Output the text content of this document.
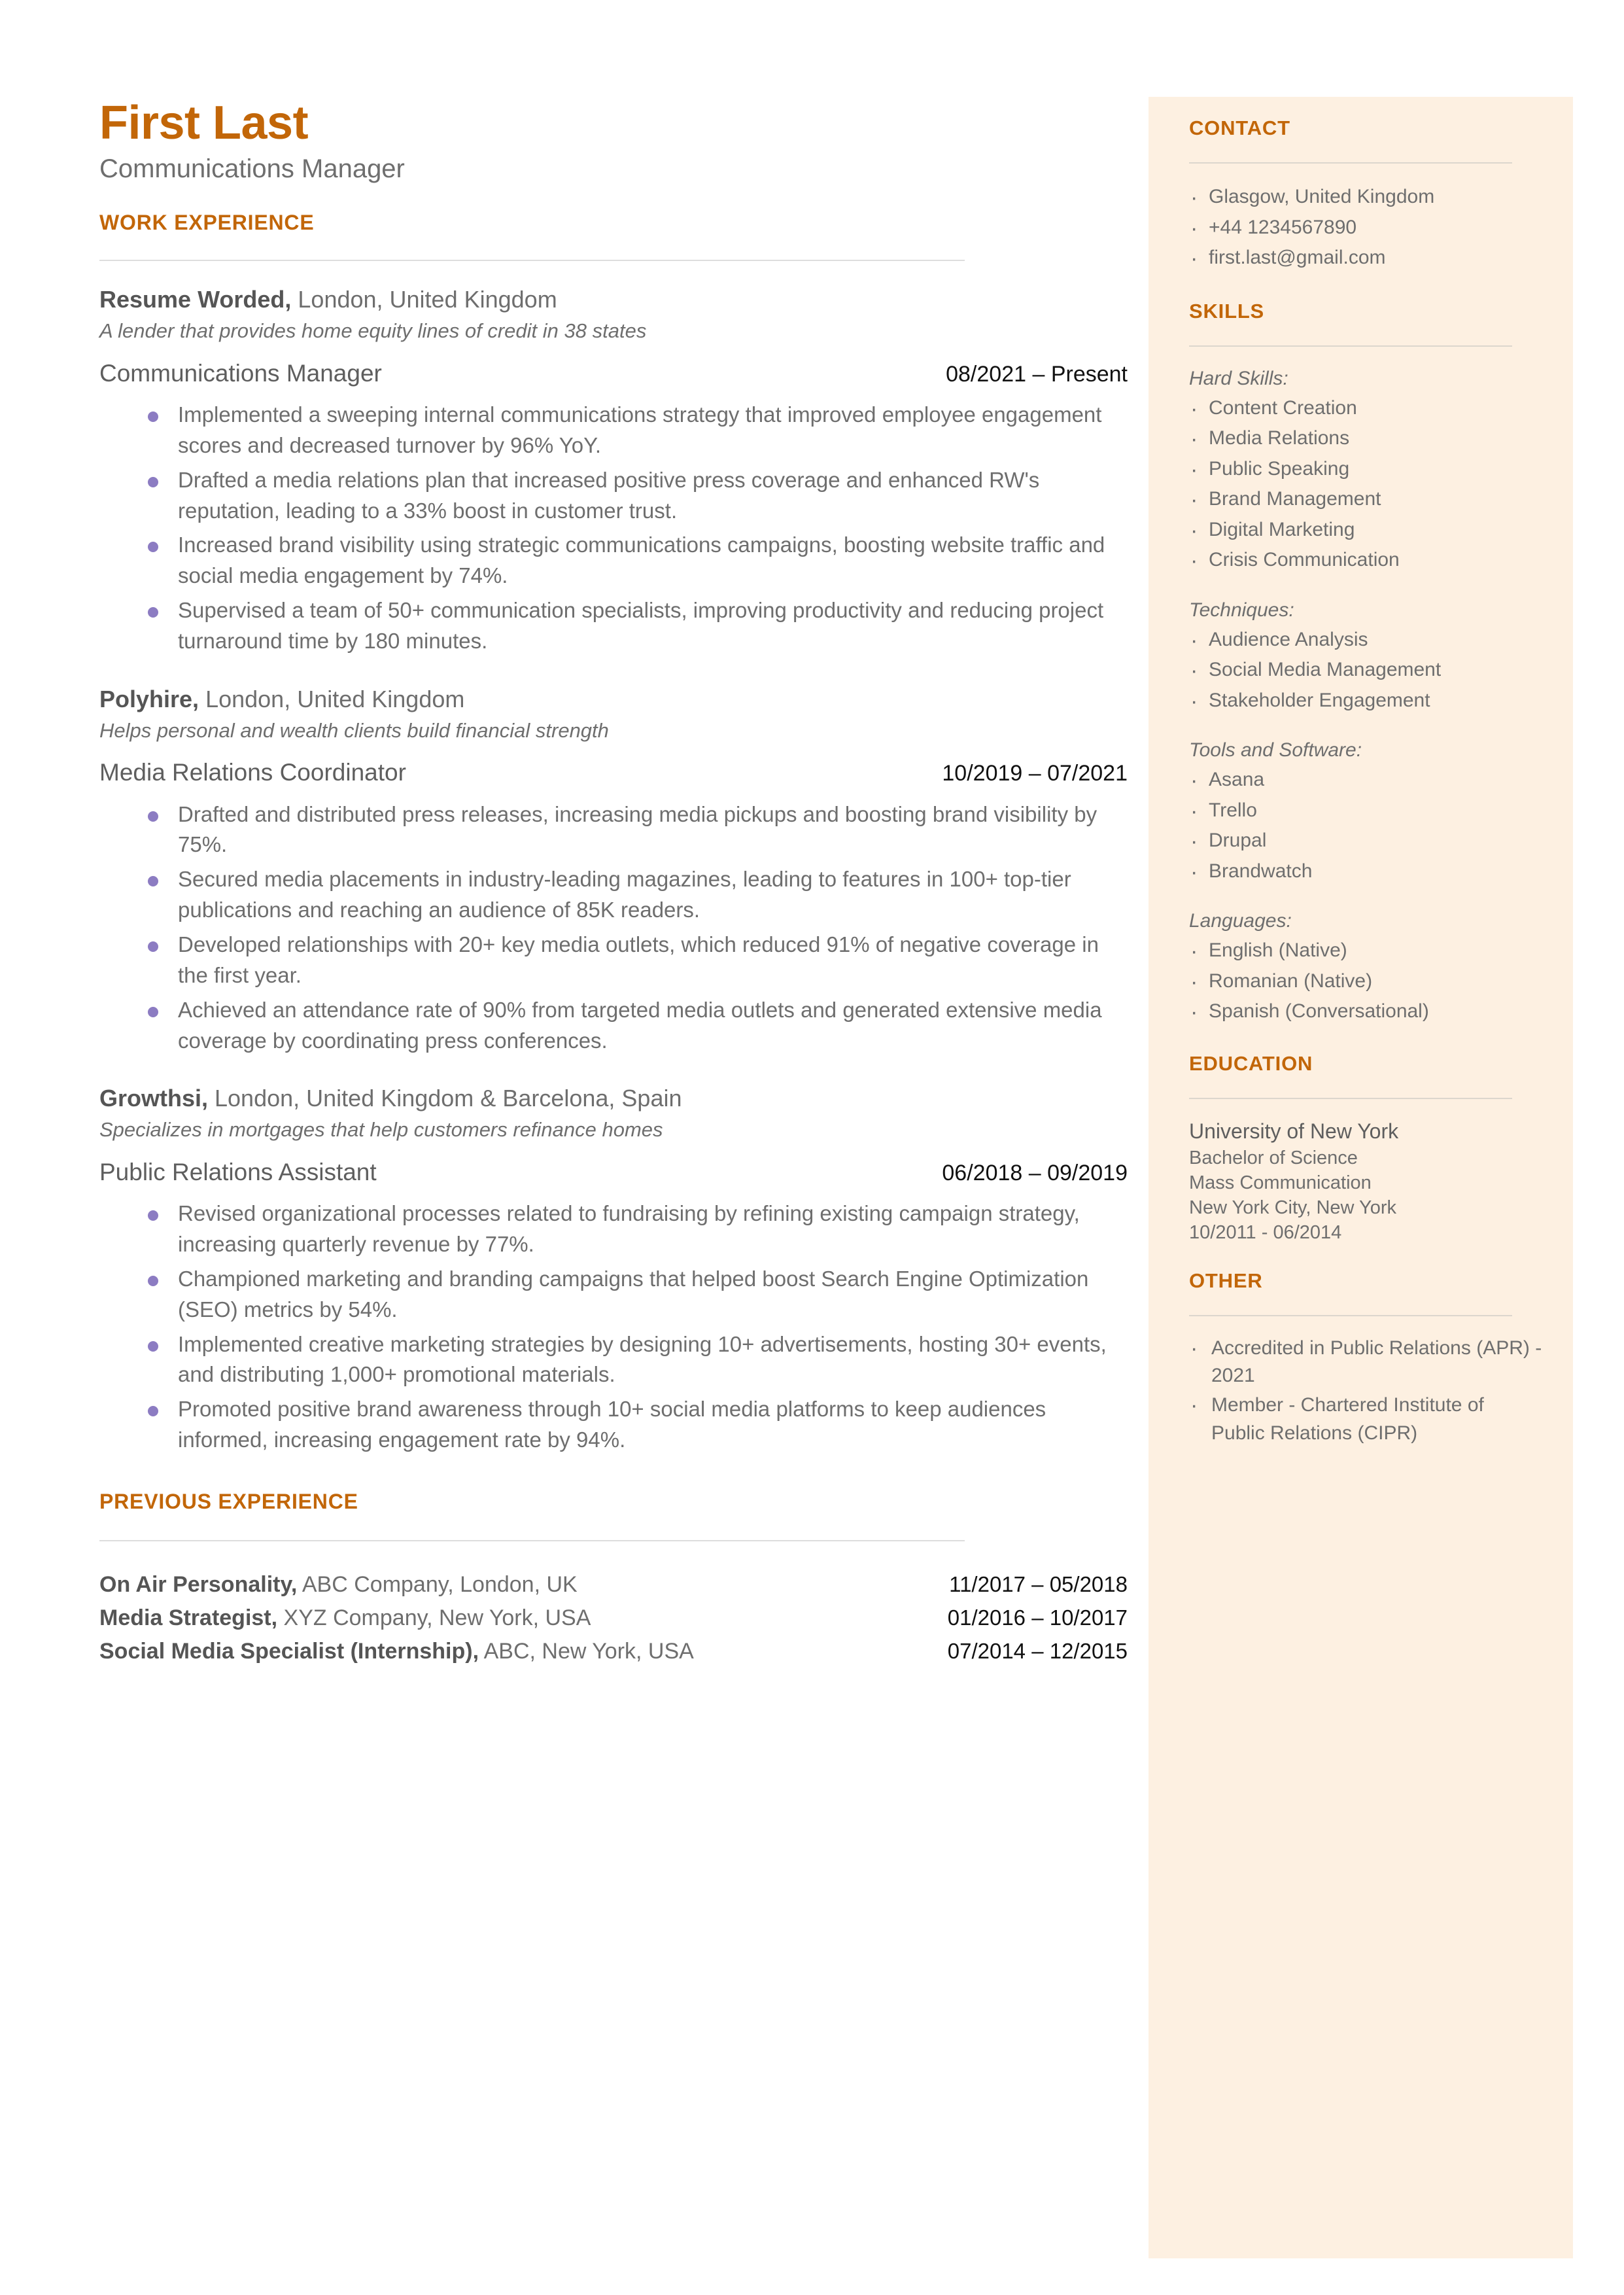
First Last
Communications Manager
WORK EXPERIENCE
Resume Worded, London, United Kingdom
A lender that provides home equity lines of credit in 38 states
Communications Manager	08/2021 – Present
Implemented a sweeping internal communications strategy that improved employee engagement scores and decreased turnover by 96% YoY.
Drafted a media relations plan that increased positive press coverage and enhanced RW's reputation, leading to a 33% boost in customer trust.
Increased brand visibility using strategic communications campaigns, boosting website traffic and social media engagement by 74%.
Supervised a team of 50+ communication specialists, improving productivity and reducing project turnaround time by 180 minutes.
Polyhire, London, United Kingdom
Helps personal and wealth clients build financial strength
Media Relations Coordinator	10/2019 – 07/2021
Drafted and distributed press releases, increasing media pickups and boosting brand visibility by 75%.
Secured media placements in industry-leading magazines, leading to features in 100+ top-tier publications and reaching an audience of 85K readers.
Developed relationships with 20+ key media outlets, which reduced 91% of negative coverage in the first year.
Achieved an attendance rate of 90% from targeted media outlets and generated extensive media coverage by coordinating press conferences.
Growthsi, London, United Kingdom & Barcelona, Spain
Specializes in mortgages that help customers refinance homes
Public Relations Assistant	06/2018 – 09/2019
Revised organizational processes related to fundraising by refining existing campaign strategy, increasing quarterly revenue by 77%.
Championed marketing and branding campaigns that helped boost Search Engine Optimization (SEO) metrics by 54%.
Implemented creative marketing strategies by designing 10+ advertisements, hosting 30+ events, and distributing 1,000+ promotional materials.
Promoted positive brand awareness through 10+ social media platforms to keep audiences informed, increasing engagement rate by 94%.
PREVIOUS EXPERIENCE
On Air Personality, ABC Company, London, UK	11/2017 – 05/2018
Media Strategist, XYZ Company, New York, USA	01/2016 – 10/2017
Social Media Specialist (Internship), ABC, New York, USA	07/2014 – 12/2015
CONTACT
· Glasgow, United Kingdom
· +44 1234567890
· first.last@gmail.com
SKILLS
Hard Skills:
· Content Creation
· Media Relations
· Public Speaking
· Brand Management
· Digital Marketing
· Crisis Communication
Techniques:
· Audience Analysis
· Social Media Management
· Stakeholder Engagement
Tools and Software:
· Asana
· Trello
· Drupal
· Brandwatch
Languages:
· English (Native)
· Romanian (Native)
· Spanish (Conversational)
EDUCATION
University of New York
Bachelor of Science
Mass Communication
New York City, New York
10/2011 - 06/2014
OTHER
· Accredited in Public Relations (APR) - 2021
· Member - Chartered Institute of Public Relations (CIPR)
